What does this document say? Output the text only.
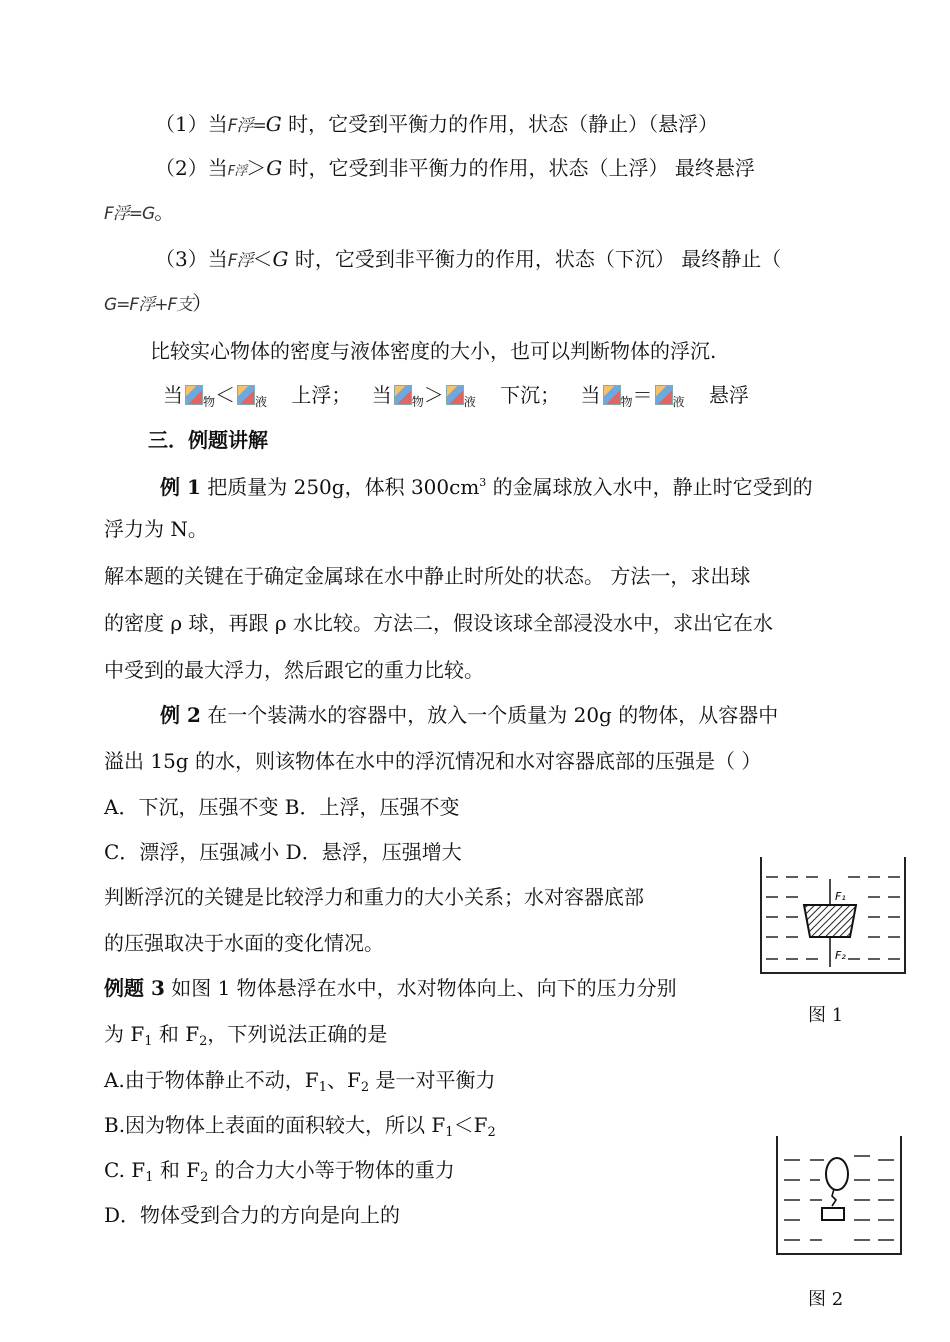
（1）当F浮=G 时，它受到平衡力的作用，状态（静止）（悬浮）
（2）当F浮＞G 时，它受到非平衡力的作用，状态（上浮） 最终悬浮
F浮=G。
（3）当F浮＜G 时，它受到非平衡力的作用，状态（下沉） 最终静止（
G=F浮+F支）
比较实心物体的密度与液体密度的大小，也可以判断物体的浮沉.
当 $_物$＜ $_液$ 上浮； 当 $_物$＞ $_液$ 下沉； 当 $_物$＝ $_液$ 悬浮
三．例题讲解
例 1 把质量为 250g，体积 $300cm^3$ 的金属球放入水中，静止时它受到的
浮力为 N。
解本题的关键在于确定金属球在水中静止时所处的状态。 方法一，求出球
的密度 ρ 球，再跟 ρ 水比较。方法二，假设该球全部浸没水中，求出它在水
中受到的最大浮力，然后跟它的重力比较。
例 2 在一个装满水的容器中，放入一个质量为 20g 的物体，从容器中
溢出 15g 的水，则该物体在水中的浮沉情况和水对容器底部的压强是（ ）
A．下沉，压强不变 B．上浮，压强不变
C．漂浮，压强减小 D．悬浮，压强增大
判断浮沉的关键是比较浮力和重力的大小关系；水对容器底部
的压强取决于水面的变化情况。
例题 3 如图 1 物体悬浮在水中，水对物体向上、向下的压力分别
为 $F_1$ 和 $F_2$，下列说法正确的是
A.由于物体静止不动，$F_1$、$F_2$ 是一对平衡力
B.因为物体上表面的面积较大，所以 $F_1<F_2$
C. $F_1$ 和 $F_2$ 的合力大小等于物体的重力
D．物体受到合力的方向是向上的
F₁
F₂
图 1
图 2
